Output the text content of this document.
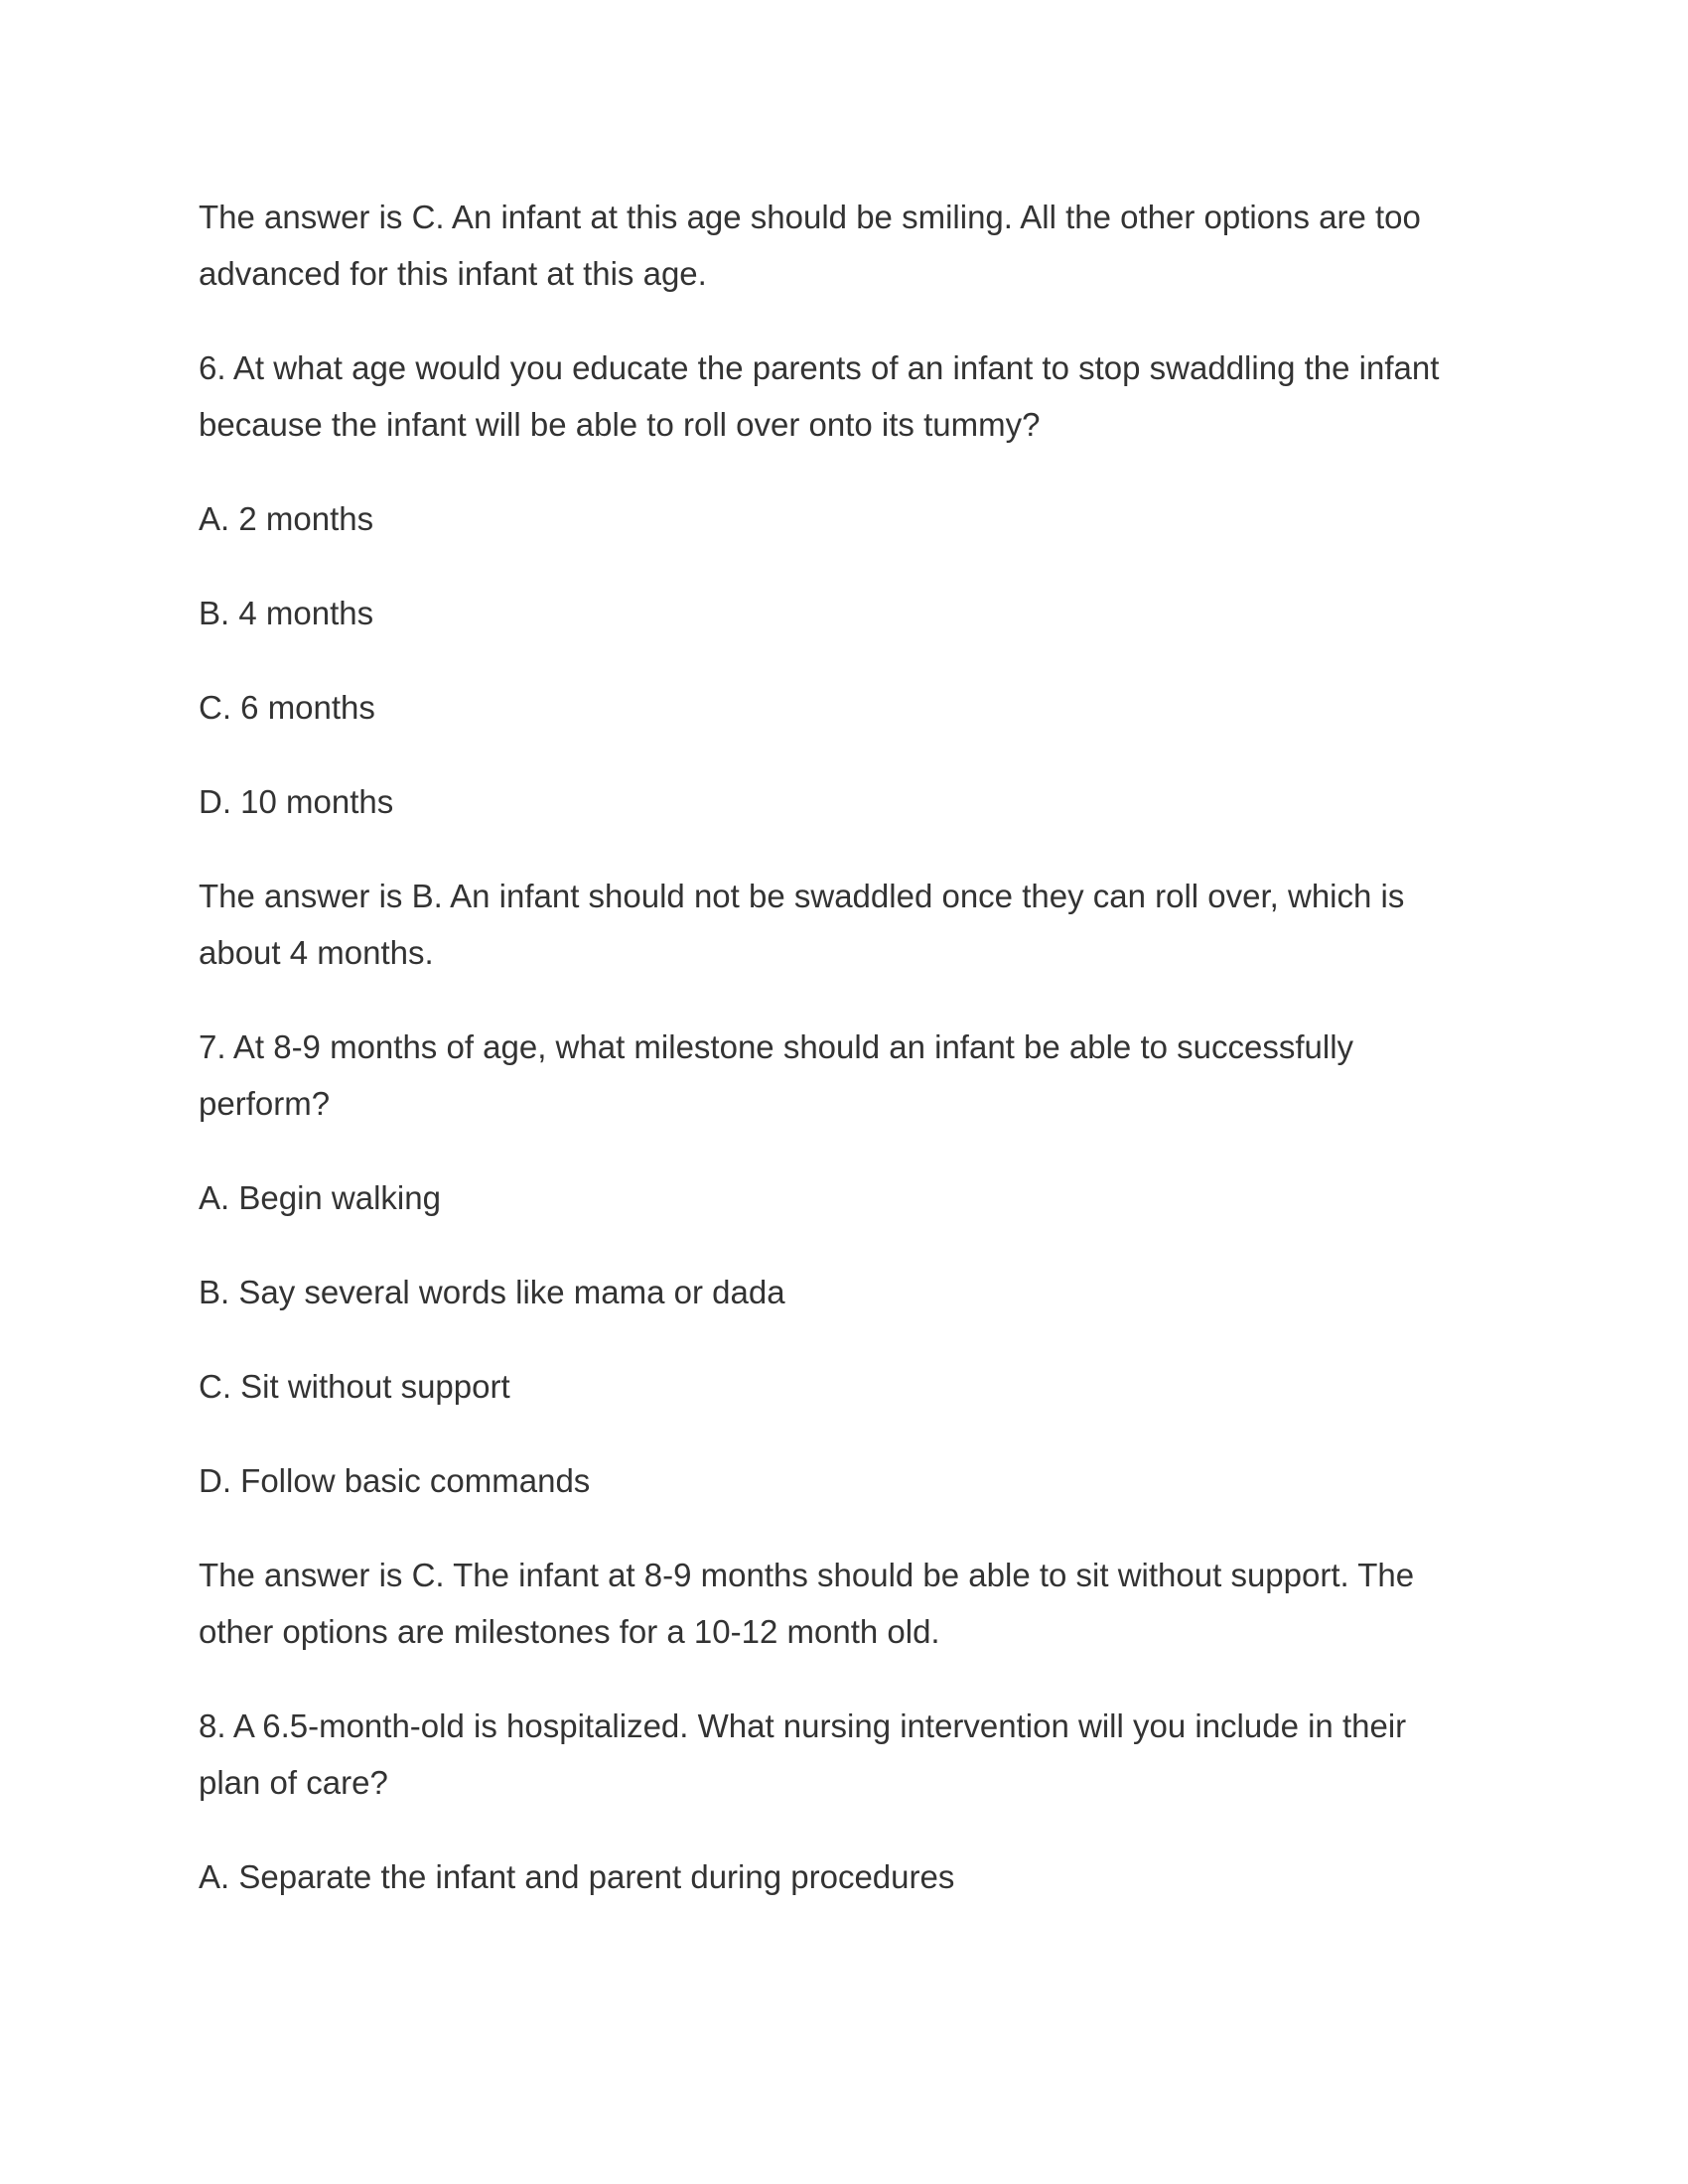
The answer is C. An infant at this age should be smiling. All the other options are too
advanced for this infant at this age.

6. At what age would you educate the parents of an infant to stop swaddling the infant
because the infant will be able to roll over onto its tummy?

A. 2 months

B. 4 months

C. 6 months

D. 10 months

The answer is B. An infant should not be swaddled once they can roll over, which is
about 4 months.

7. At 8-9 months of age, what milestone should an infant be able to successfully
perform?

A. Begin walking

B. Say several words like mama or dada

C. Sit without support

D. Follow basic commands

The answer is C. The infant at 8-9 months should be able to sit without support. The
other options are milestones for a 10-12 month old.

8. A 6.5-month-old is hospitalized. What nursing intervention will you include in their
plan of care?

A. Separate the infant and parent during procedures
